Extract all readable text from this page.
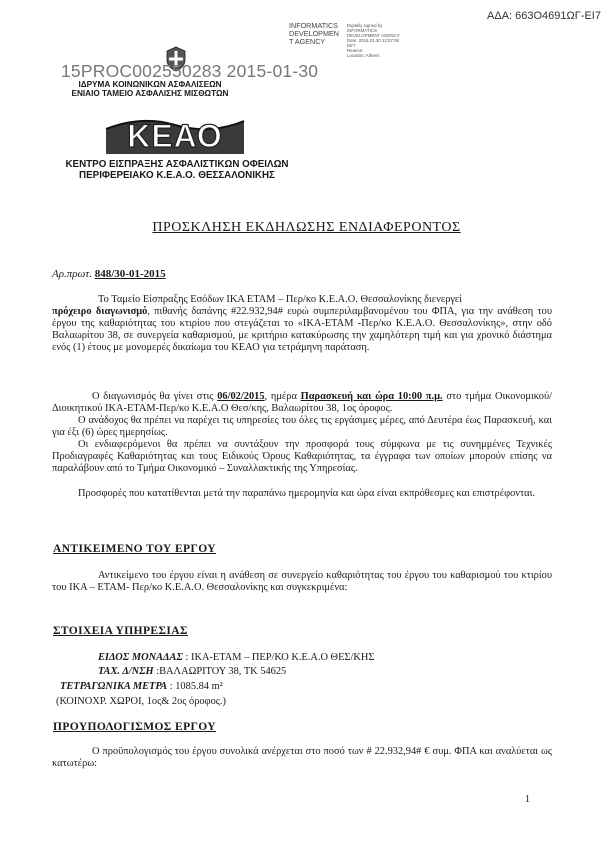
ΑΔΑ: 663Ο4691ΩΓ-ΕΙ7
INFORMATICS
DEVELOPMEN
T AGENCY
Digitally signed by
INFORMATICS
DEVELOPMENT AGENCY
Date: 2015.01.30 12:07:06
EET
Reason:
Location: Athens
15PROC002550283 2015-01-30
ΙΔΡΥΜΑ ΚΟΙΝΩΝΙΚΩΝ ΑΣΦΑΛΙΣΕΩΝ
ΕΝΙΑΙΟ ΤΑΜΕΙΟ ΑΣΦΑΛΙΣΗΣ ΜΙΣΘΩΤΩΝ
ΚΕΑΟ
ΚΕΝΤΡΟ ΕΙΣΠΡΑΞΗΣ ΑΣΦΑΛΙΣΤΙΚΩΝ ΟΦΕΙΛΩΝ
ΠΕΡΙΦΕΡΕΙΑΚΟ Κ.Ε.Α.Ο. ΘΕΣΣΑΛΟΝΙΚΗΣ
ΠΡΟΣΚΛΗΣΗ ΕΚΔΗΛΩΣΗΣ ΕΝΔΙΑΦΕΡΟΝΤΟΣ
Αρ.πρωτ. 848/30-01-2015

Το Ταμείο Είσπραξης Εσόδων ΙΚΑ ΕΤΑΜ – Περ/κο Κ.Ε.Α.Ο. Θεσσαλονίκης διενεργεί
πρόχειρο διαγωνισμό, πιθανής δαπάνης #22.932,94# ευρώ συμπεριλαμβανομένου του ΦΠΑ, για την ανάθεση του έργου της καθαριότητας του κτιρίου που στεγάζεται το «ΙΚΑ-ΕΤΑΜ -Περ/κο Κ.Ε.Α.Ο. Θεσσαλονίκης», στην οδό Βαλαωρίτου 38, σε συνεργεία καθαρισμού, με κριτήριο κατακύρωσης την χαμηλότερη τιμή και για χρονικό διάστημα ενός (1) έτους με μονομερές δικαίωμα του ΚΕΑΟ για τετράμηνη παράταση.

Ο διαγωνισμός θα γίνει στις 06/02/2015, ημέρα Παρασκευή και ώρα 10:00 π.μ. στο τμήμα Οικονομικού/Διοικητικού ΙΚΑ-ΕΤΑΜ-Περ/κο Κ.Ε.Α.Ο Θεσ/κης, Βαλαωρίτου 38, 1ος όροφος.

Ο ανάδοχος θα πρέπει να παρέχει τις υπηρεσίες του όλες τις εργάσιμες μέρες, από Δευτέρα έως Παρασκευή, και για έξι (6) ώρες ημερησίως.

Οι ενδιαφερόμενοι θα πρέπει να συντάξουν την προσφορά τους σύμφωνα με τις συνημμένες Τεχνικές Προδιαγραφές Καθαριότητας και τους Ειδικούς Όρους Καθαριότητας, τα έγγραφα των οποίων μπορούν επίσης να παραλάβουν από το Τμήμα Οικονομικό – Συναλλακτικής της Υπηρεσίας.

Προσφορές που κατατίθενται μετά την παραπάνω ημερομηνία και ώρα είναι εκπρόθεσμες και επιστρέφονται.

ΑΝΤΙΚΕΙΜΕΝΟ ΤΟΥ ΕΡΓΟΥ

Αντικείμενο του έργου είναι η ανάθεση σε συνεργείο καθαριότητας του έργου του καθαρισμού του κτιρίου του ΙΚΑ – ΕΤΑΜ- Περ/κο Κ.Ε.Α.Ο. Θεσσαλονίκης και συγκεκριμένα:

ΣΤΟΙΧΕΙΑ ΥΠΗΡΕΣΙΑΣ
ΕΙΔΟΣ ΜΟΝΑΔΑΣ : ΙΚΑ-ΕΤΑΜ – ΠΕΡ/ΚΟ Κ.Ε.Α.Ο ΘΕΣ/ΚΗΣ
ΤΑΧ. Δ/ΝΣΗ :ΒΑΛΑΩΡΙΤΟΥ 38, ΤΚ 54625
ΤΕΤΡΑΓΩΝΙΚΑ ΜΕΤΡΑ : 1085.84 m²
(ΚΟΙΝΟΧΡ. ΧΩΡΟΙ, 1ος& 2ος όροφος.)
ΠΡΟΥΠΟΛΟΓΙΣΜΟΣ ΕΡΓΟΥ

Ο προϋπολογισμός του έργου συνολικά ανέρχεται στο ποσό των # 22.932,94# € συμ. ΦΠΑ και αναλύεται ως κατωτέρω:

1
